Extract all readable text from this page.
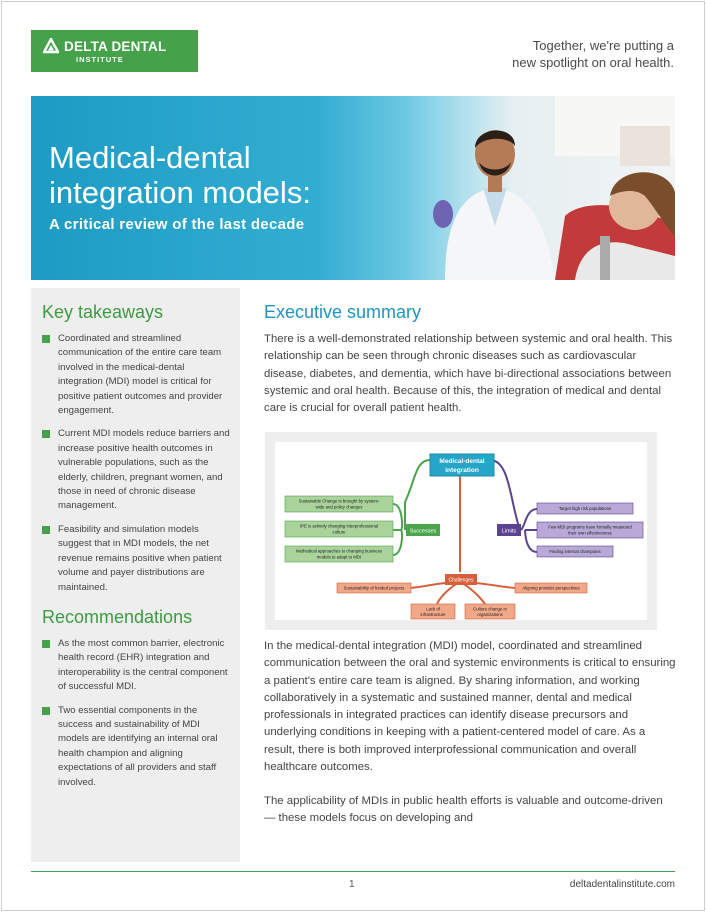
DELTA DENTAL
INSTITUTE
Together, we're putting a
new spotlight on oral health.
Medical-dental
integration models:
A critical review of the last decade
Key takeaways
Coordinated and streamlined communication of the entire care team involved in the medical-dental integration (MDI) model is critical for positive patient outcomes and provider engagement.
Current MDI models reduce barriers and increase positive health outcomes in vulnerable populations, such as the elderly, children, pregnant women, and those in need of chronic disease management.
Feasibility and simulation models suggest that in MDI models, the net revenue remains positive when patient volume and payer distributions are maintained.
Recommendations
As the most common barrier, electronic health record (EHR) integration and interoperability is the central component of successful MDI.
Two essential components in the success and sustainability of MDI models are identifying an internal oral health champion and aligning expectations of all providers and staff involved.
Executive summary

There is a well-demonstrated relationship between systemic and oral health. This relationship can be seen through chronic diseases such as cardiovascular disease, diabetes, and dementia, which have bi-directional associations between systemic and oral health. Because of this, the integration of medical and dental care is crucial for overall patient health.

Medical-dental
integration
Successes
Sustainable Change is brought by system-
wide and policy changes
IPE is actively changing interprofessional
culture
Methodical approaches to changing business
models to adapt to MDI
Limits
Target high risk populations
Few MDI programs have formally measured
their own effectiveness
Finding internal champions
Challenges
Sustainability of funded projects
Lack of
infrastructure
Culture change in
organizations
Aligning provider perspectives

In the medical-dental integration (MDI) model, coordinated and streamlined communication between the oral and systemic environments is critical to ensuring a patient's entire care team is aligned. By sharing information, and working collaboratively in a systematic and sustained manner, dental and medical professionals in integrated practices can identify disease precursors and underlying conditions in keeping with a patient-centered model of care. As a result, there is both improved interprofessional communication and overall healthcare outcomes.

The applicability of MDIs in public health efforts is valuable and outcome-driven — these models focus on developing and

1	deltadentalinstitute.com
